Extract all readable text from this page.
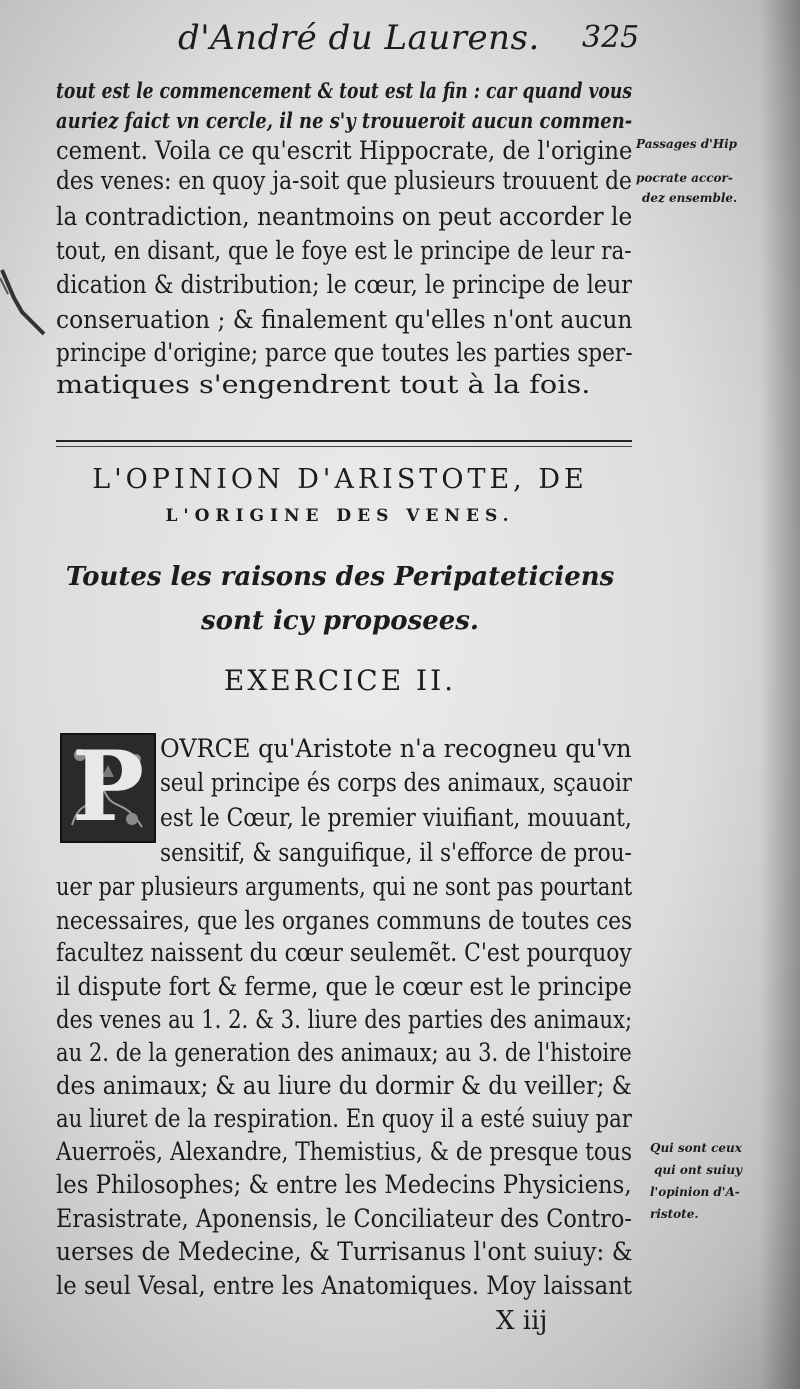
d'André du Laurens. 325
tout est le commencement & tout est la fin : car quand vous
auriez faict vn cercle, il ne s'y trouueroit aucun commen-
cement. Voila ce qu'escrit Hippocrate, de l'origine
des venes: en quoy ja-soit que plusieurs trouuent de
la contradiction, neantmoins on peut accorder le
tout, en disant, que le foye est le principe de leur ra-
dication & distribution; le cœur, le principe de leur
conseruation ; & finalement qu'elles n'ont aucun
principe d'origine; parce que toutes les parties sper-
matiques s'engendrent tout à la fois.
Passages d'Hip
pocrate accor-
dez ensemble.
L'OPINION D'ARISTOTE, DE
L'ORIGINE DES VENES.
Toutes les raisons des Peripateticiens
sont icy proposees.
EXERCICE II.
P OVRCE qu'Aristote n'a recogneu qu'vn
seul principe és corps des animaux, sçauoir
est le Cœur, le premier viuifiant, mouuant,
sensitif, & sanguifique, il s'efforce de prou-
uer par plusieurs arguments, qui ne sont pas pourtant
necessaires, que les organes communs de toutes ces
facultez naissent du cœur seulemẽt. C'est pourquoy
il dispute fort & ferme, que le cœur est le principe
des venes au 1. 2. & 3. liure des parties des animaux;
au 2. de la generation des animaux; au 3. de l'histoire
des animaux; & au liure du dormir & du veiller; &
au liuret de la respiration. En quoy il a esté suiuy par
Auerroës, Alexandre, Themistius, & de presque tous
les Philosophes; & entre les Medecins Physiciens,
Erasistrate, Aponensis, le Conciliateur des Contro-
uerses de Medecine, & Turrisanus l'ont suiuy: &
le seul Vesal, entre les Anatomiques. Moy laissant
Qui sont ceux
qui ont suiuy
l'opinion d'A-
ristote.
X iij
